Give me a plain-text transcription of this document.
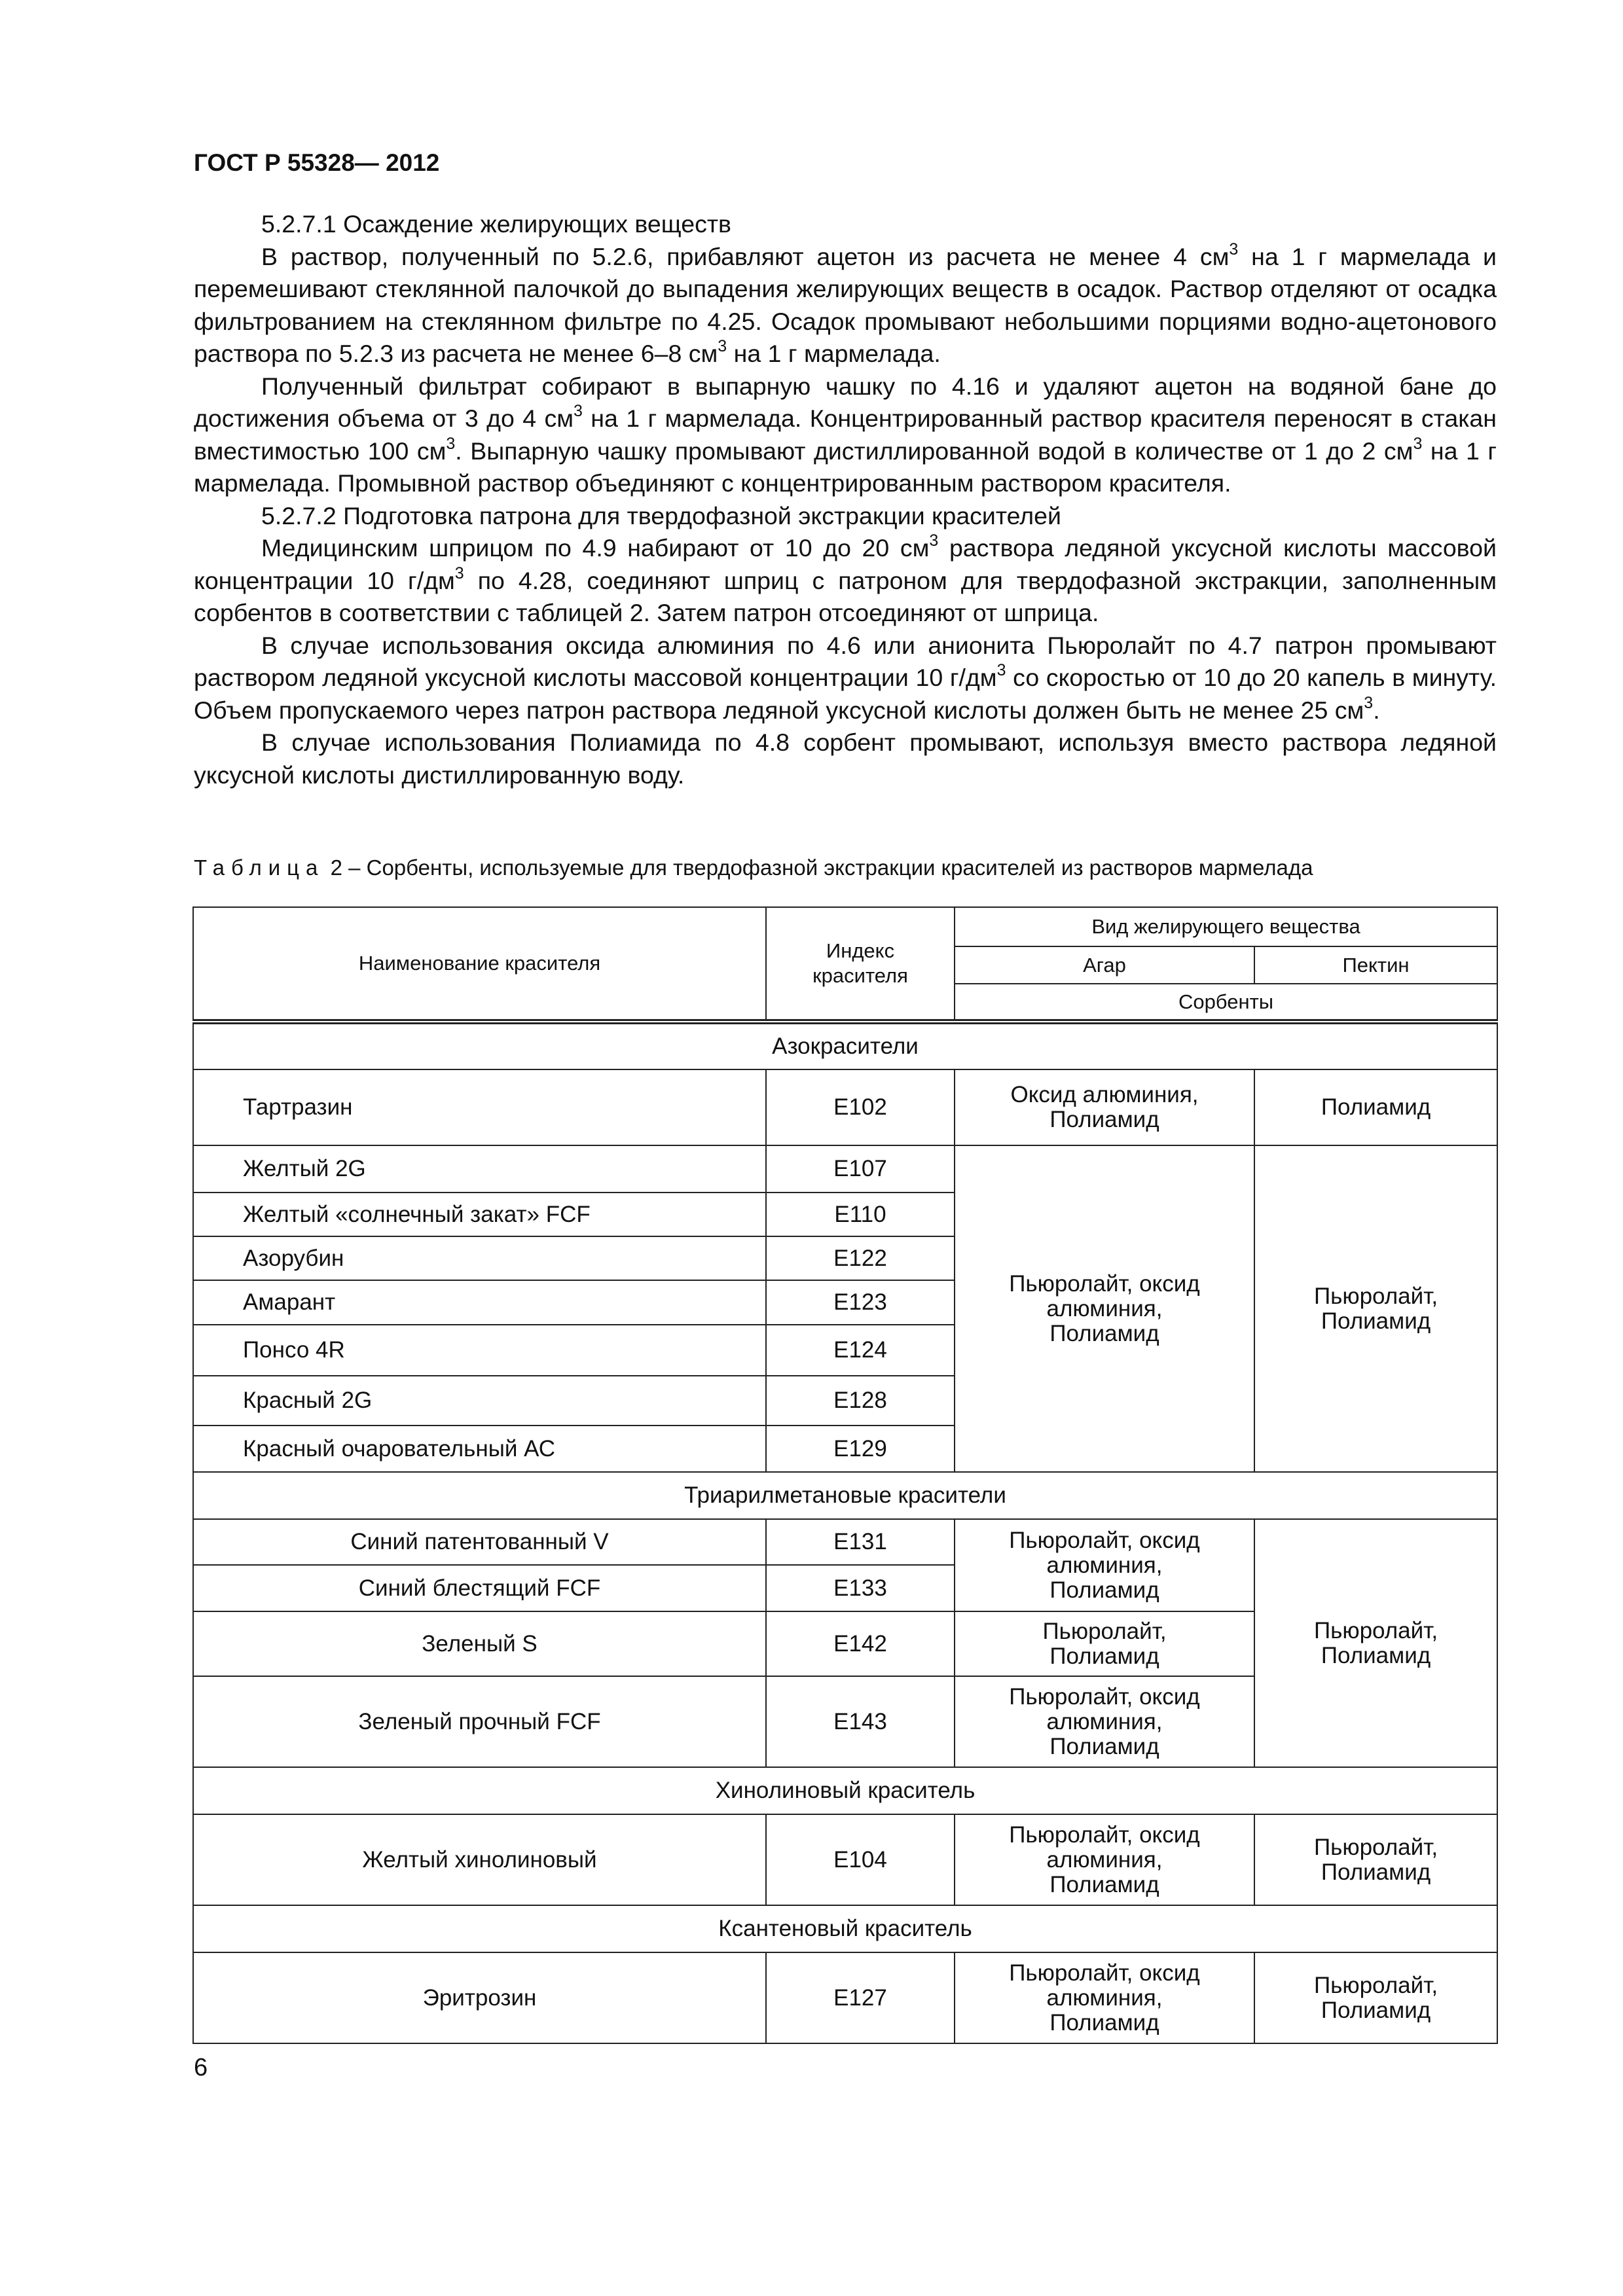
ГОСТ Р 55328— 2012

5.2.7.1 Осаждение желирующих веществ

В раствор, полученный по 5.2.6, прибавляют ацетон из расчета не менее 4 $см^3$ на 1 г мармелада и перемешивают стеклянной палочкой до выпадения желирующих веществ в осадок. Раствор отделяют от осадка фильтрованием на стеклянном фильтре по 4.25. Осадок промывают небольшими порциями водно-ацетонового раствора по 5.2.3 из расчета не менее 6–8 $см^3$ на 1 г мармелада.

Полученный фильтрат собирают в выпарную чашку по 4.16 и удаляют ацетон на водяной бане до достижения объема от 3 до 4 $см^3$ на 1 г мармелада. Концентрированный раствор красителя переносят в стакан вместимостью 100 $см^3$. Выпарную чашку промывают дистиллированной водой в количестве от 1 до 2 $см^3$ на 1 г мармелада. Промывной раствор объединяют с концентрированным раствором красителя.

5.2.7.2 Подготовка патрона для твердофазной экстракции красителей

Медицинским шприцом по 4.9 набирают от 10 до 20 $см^3$ раствора ледяной уксусной кислоты массовой концентрации 10 $г/дм^3$ по 4.28, соединяют шприц с патроном для твердофазной экстракции, заполненным сорбентов в соответствии с таблицей 2. Затем патрон отсоединяют от шприца.

В случае использования оксида алюминия по 4.6 или анионита Пьюролайт по 4.7 патрон промывают раствором ледяной уксусной кислоты массовой концентрации 10 $г/дм^3$ со скоростью от 10 до 20 капель в минуту. Объем пропускаемого через патрон раствора ледяной уксусной кислоты должен быть не менее 25 $см^3$.

В случае использования Полиамида по 4.8 сорбент промывают, используя вместо раствора ледяной уксусной кислоты дистиллированную воду.

Таблица 2 – Сорбенты, используемые для твердофазной экстракции красителей из растворов мармелада
Наименование красителя	Индекс красителя	Вид желирующего вещества	
		Агар	Пектин
		Сорбенты	
Азокрасители			
Тартразин	Е102	Оксид алюминия, Полиамид	Полиамид
Желтый 2G	Е107	Пьюролайт, оксид алюминия, Полиамид	Пьюролайт, Полиамид
Желтый «солнечный закат» FCF	Е110		
Азорубин	Е122		
Амарант	Е123		
Понсо 4R	Е124		
Красный 2G	Е128		
Красный очаровательный АС	Е129		
Триарилметановые красители			
Синий патентованный V	Е131	Пьюролайт, оксид алюминия, Полиамид	Пьюролайт, Полиамид
Синий блестящий FCF	Е133		
Зеленый S	Е142	Пьюролайт, Полиамид	
Зеленый прочный FCF	Е143	Пьюролайт, оксид алюминия, Полиамид	
Хинолиновый краситель			
Желтый хинолиновый	Е104	Пьюролайт, оксид алюминия, Полиамид	Пьюролайт, Полиамид
Ксантеновый краситель			
Эритрозин	Е127	Пьюролайт, оксид алюминия, Полиамид	Пьюролайт, Полиамид
6
